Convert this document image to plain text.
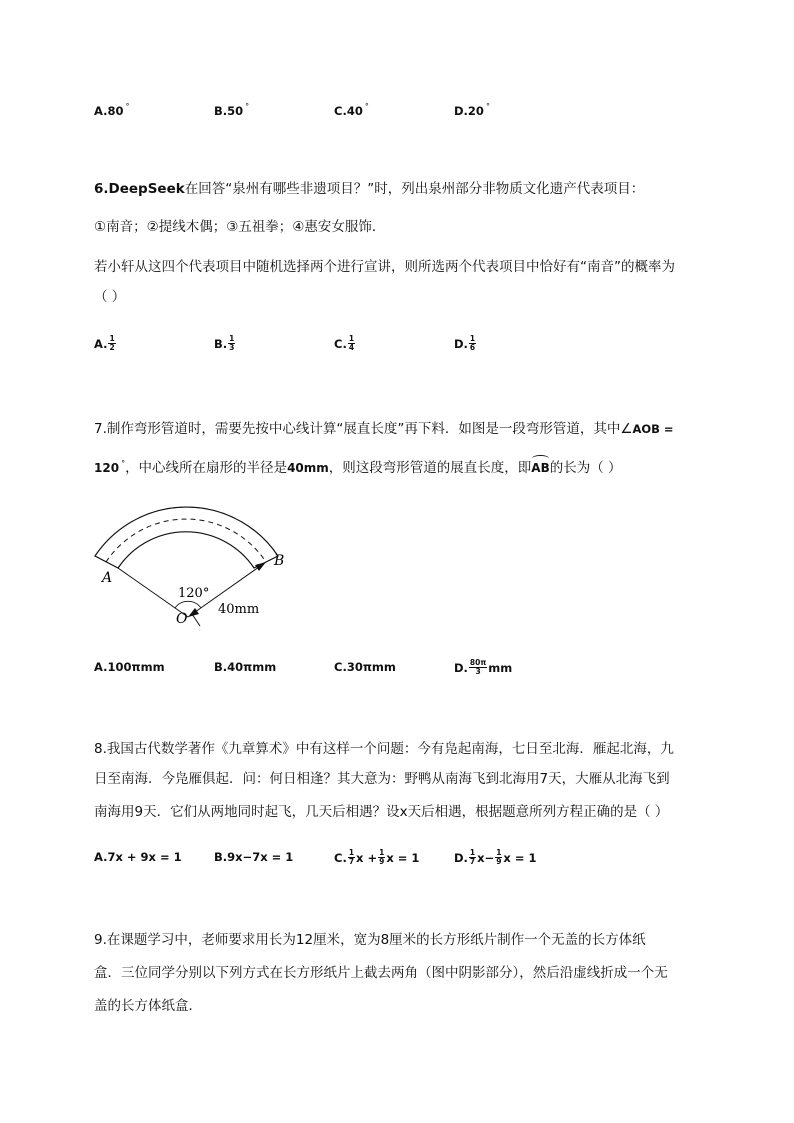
A.80 °	B.50 °	C.40 °	D.20 °
6.DeepSeek在回答“泉州有哪些非遗项目？”时，列出泉州部分非物质文化遗产代表项目：
①南音；②提线木偶；③五祖拳；④惠安女服饰．
若小轩从这四个代表项目中随机选择两个进行宣讲，则所选两个代表项目中恰好有“南音”的概率为
（ ）
A. $\frac{1}{2}$	B. $\frac{1}{3}$	C. $\frac{1}{4}$	D. $\frac{1}{6}$
7.制作弯形管道时，需要先按中心线计算“展直长度”再下料．如图是一段弯形管道，其中∠AOB =
120 °，中心线所在扇形的半径是40mm，则这段弯形管道的展直长度，即AB的长为（ ）
A
B
O
120°
40mm
A.100πmm	B.40πmm	C.30πmm	D. $\frac{80\pi}{3}$ mm
8.我国古代数学著作《九章算术》中有这样一个问题：今有凫起南海，七日至北海．雁起北海，九
日至南海．今凫雁俱起．问：何日相逢？其大意为：野鸭从南海飞到北海用7天，大雁从北海飞到
南海用9天．它们从两地同时起飞，几天后相遇？设x天后相遇，根据题意所列方程正确的是（ ）
A.7x + 9x = 1	B.9x−7x = 1	C. $\frac{1}{7}$ $x + \frac{1}{9}$ x = 1	D. $\frac{1}{7} x- \frac{1}{9}$ x = 1
9.在课题学习中，老师要求用长为12厘米，宽为8厘米的长方形纸片制作一个无盖的长方体纸
盒．三位同学分别以下列方式在长方形纸片上截去两角（图中阴影部分），然后沿虚线折成一个无
盖的长方体纸盒．
